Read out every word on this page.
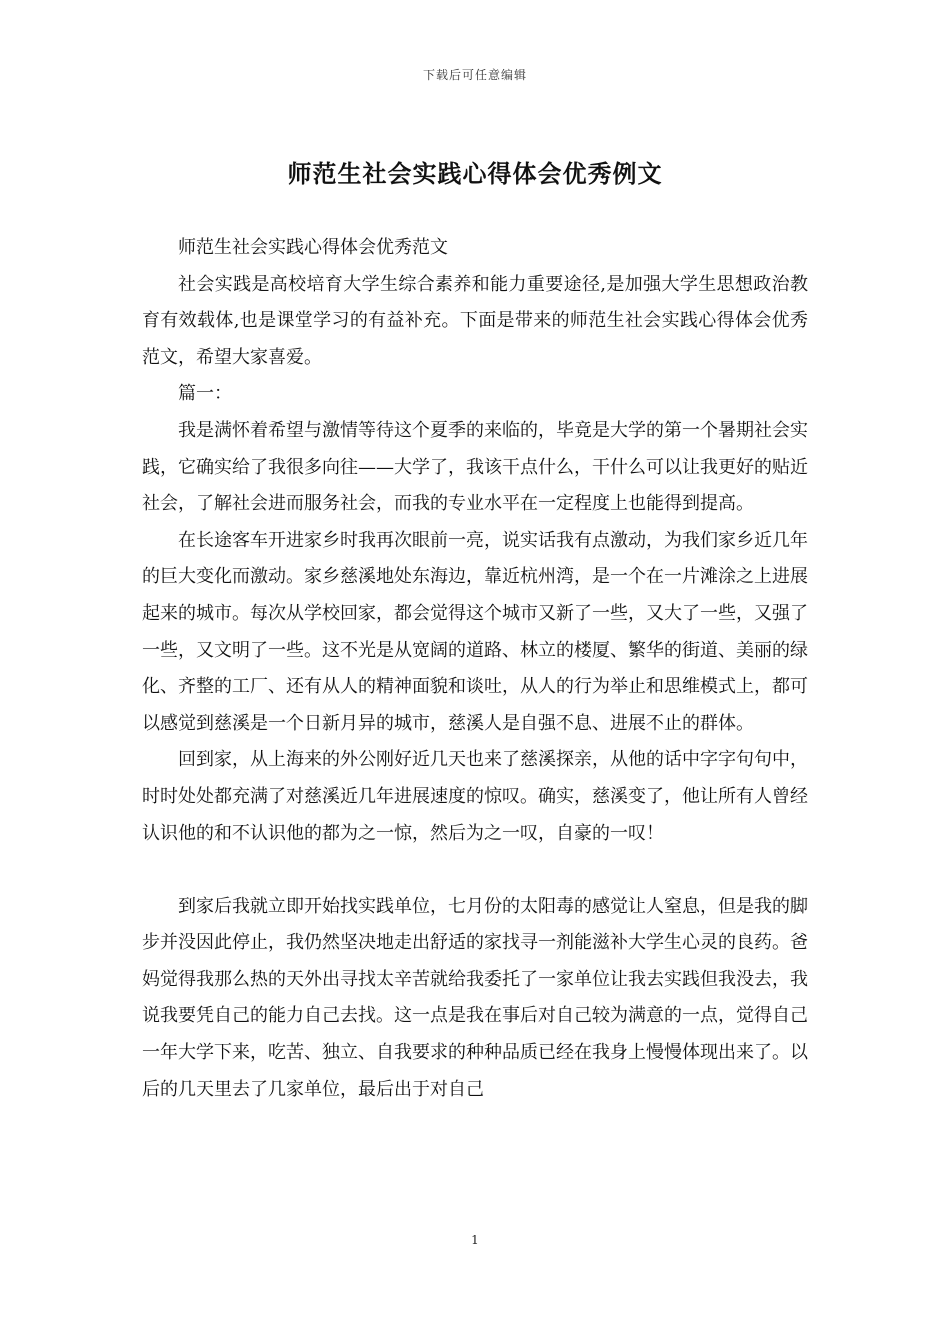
下载后可任意编辑
师范生社会实践心得体会优秀例文

师范生社会实践心得体会优秀范文

社会实践是高校培育大学生综合素养和能力重要途径,是加强大学生思想政治教育有效载体,也是课堂学习的有益补充。下面是带来的师范生社会实践心得体会优秀范文，希望大家喜爱。

篇一：

我是满怀着希望与激情等待这个夏季的来临的，毕竟是大学的第一个暑期社会实践，它确实给了我很多向往——大学了，我该干点什么，干什么可以让我更好的贴近社会，了解社会进而服务社会，而我的专业水平在一定程度上也能得到提高。

在长途客车开进家乡时我再次眼前一亮，说实话我有点激动，为我们家乡近几年的巨大变化而激动。家乡慈溪地处东海边，靠近杭州湾，是一个在一片滩涂之上进展起来的城市。每次从学校回家，都会觉得这个城市又新了一些，又大了一些，又强了一些，又文明了一些。这不光是从宽阔的道路、林立的楼厦、繁华的街道、美丽的绿化、齐整的工厂、还有从人的精神面貌和谈吐，从人的行为举止和思维模式上，都可以感觉到慈溪是一个日新月异的城市，慈溪人是自强不息、进展不止的群体。

回到家，从上海来的外公刚好近几天也来了慈溪探亲，从他的话中字字句句中，时时处处都充满了对慈溪近几年进展速度的惊叹。确实，慈溪变了，他让所有人曾经认识他的和不认识他的都为之一惊，然后为之一叹，自豪的一叹！

到家后我就立即开始找实践单位，七月份的太阳毒的感觉让人窒息，但是我的脚步并没因此停止，我仍然坚决地走出舒适的家找寻一剂能滋补大学生心灵的良药。爸妈觉得我那么热的天外出寻找太辛苦就给我委托了一家单位让我去实践但我没去，我说我要凭自己的能力自己去找。这一点是我在事后对自己较为满意的一点，觉得自己一年大学下来，吃苦、独立、自我要求的种种品质已经在我身上慢慢体现出来了。以后的几天里去了几家单位，最后出于对自己

1
